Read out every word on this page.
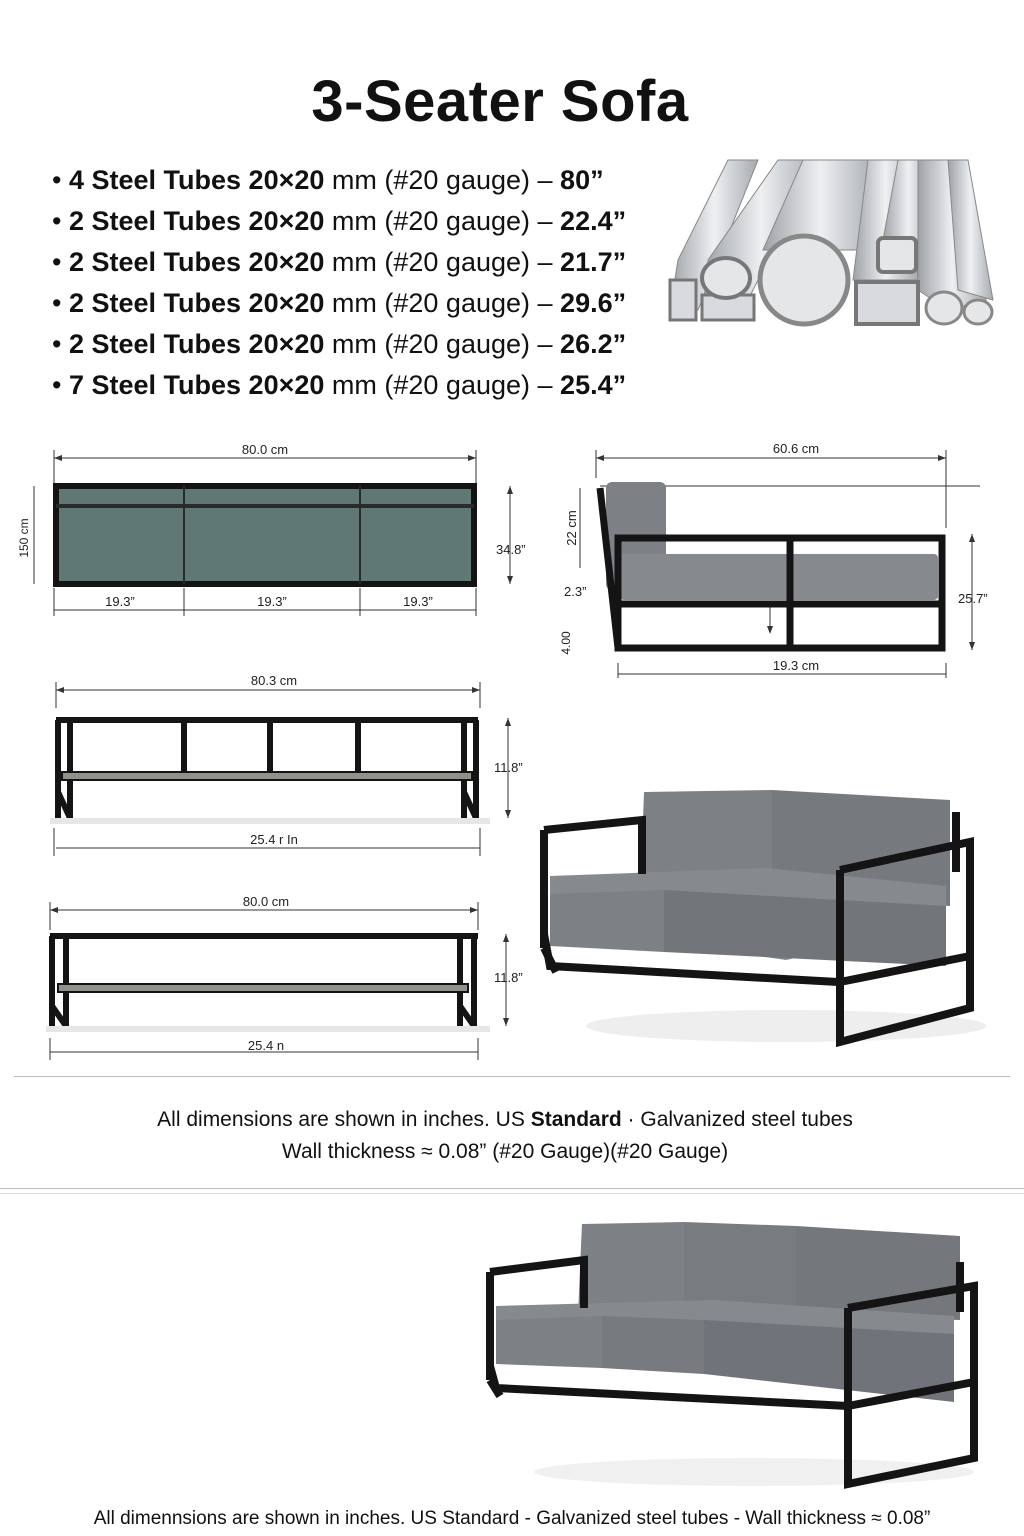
3-Seater Sofa
• 4 Steel Tubes 20×20 mm (#20 gauge) – 80”
• 2 Steel Tubes 20×20 mm (#20 gauge) – 22.4”
• 2 Steel Tubes 20×20 mm (#20 gauge) – 21.7”
• 2 Steel Tubes 20×20 mm (#20 gauge) – 29.6”
• 2 Steel Tubes 20×20 mm (#20 gauge) – 26.2”
• 7 Steel Tubes 20×20 mm (#20 gauge) – 25.4”
80.0 cm
150 cm	34.8”
19.3”	19.3”	19.3”
60.6 cm
22 cm
2.3”
4.00
25.7”
19.3 cm
80.3 cm
11.8”
25.4 r In
80.0 cm
11.8”
25.4 n
All dimensions are shown in inches. US Standard · Galvanized steel tubes
Wall thickness ≈ 0.08” (#20 Gauge)(#20 Gauge)
All dimennsions are shown in inches. US Standard - Galvanized steel tubes - Wall thickness ≈ 0.08”
